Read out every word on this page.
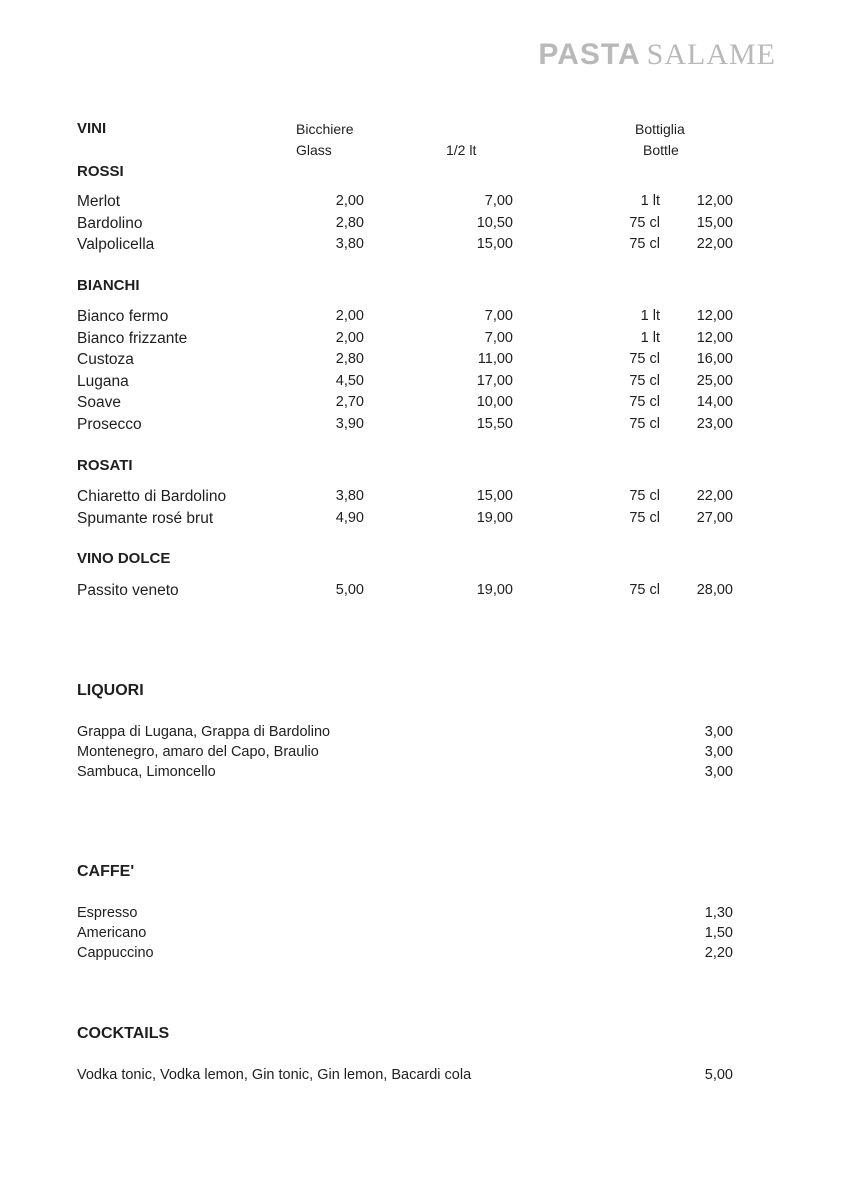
PASTA SALAME
VINI	Bicchiere
Glass	1/2 lt
Bottiglia
Bottle
ROSSI
Merlot	2,00	7,00	1 lt	12,00
Bardolino	2,80	10,50	75 cl	15,00
Valpolicella	3,80	15,00	75 cl	22,00
BIANCHI
Bianco fermo	2,00	7,00	1 lt	12,00
Bianco frizzante	2,00	7,00	1 lt	12,00
Custoza	2,80	11,00	75 cl	16,00
Lugana	4,50	17,00	75 cl	25,00
Soave	2,70	10,00	75 cl	14,00
Prosecco	3,90	15,50	75 cl	23,00
ROSATI
Chiaretto di Bardolino	3,80	15,00	75 cl	22,00
Spumante rosé brut	4,90	19,00	75 cl	27,00
VINO DOLCE
Passito veneto	5,00	19,00	75 cl	28,00
LIQUORI
Grappa di Lugana, Grappa di Bardolino	3,00
Montenegro, amaro del Capo, Braulio	3,00
Sambuca, Limoncello	3,00
CAFFE'
Espresso	1,30
Americano	1,50
Cappuccino	2,20
COCKTAILS
Vodka tonic, Vodka lemon, Gin tonic, Gin lemon, Bacardi cola	5,00
